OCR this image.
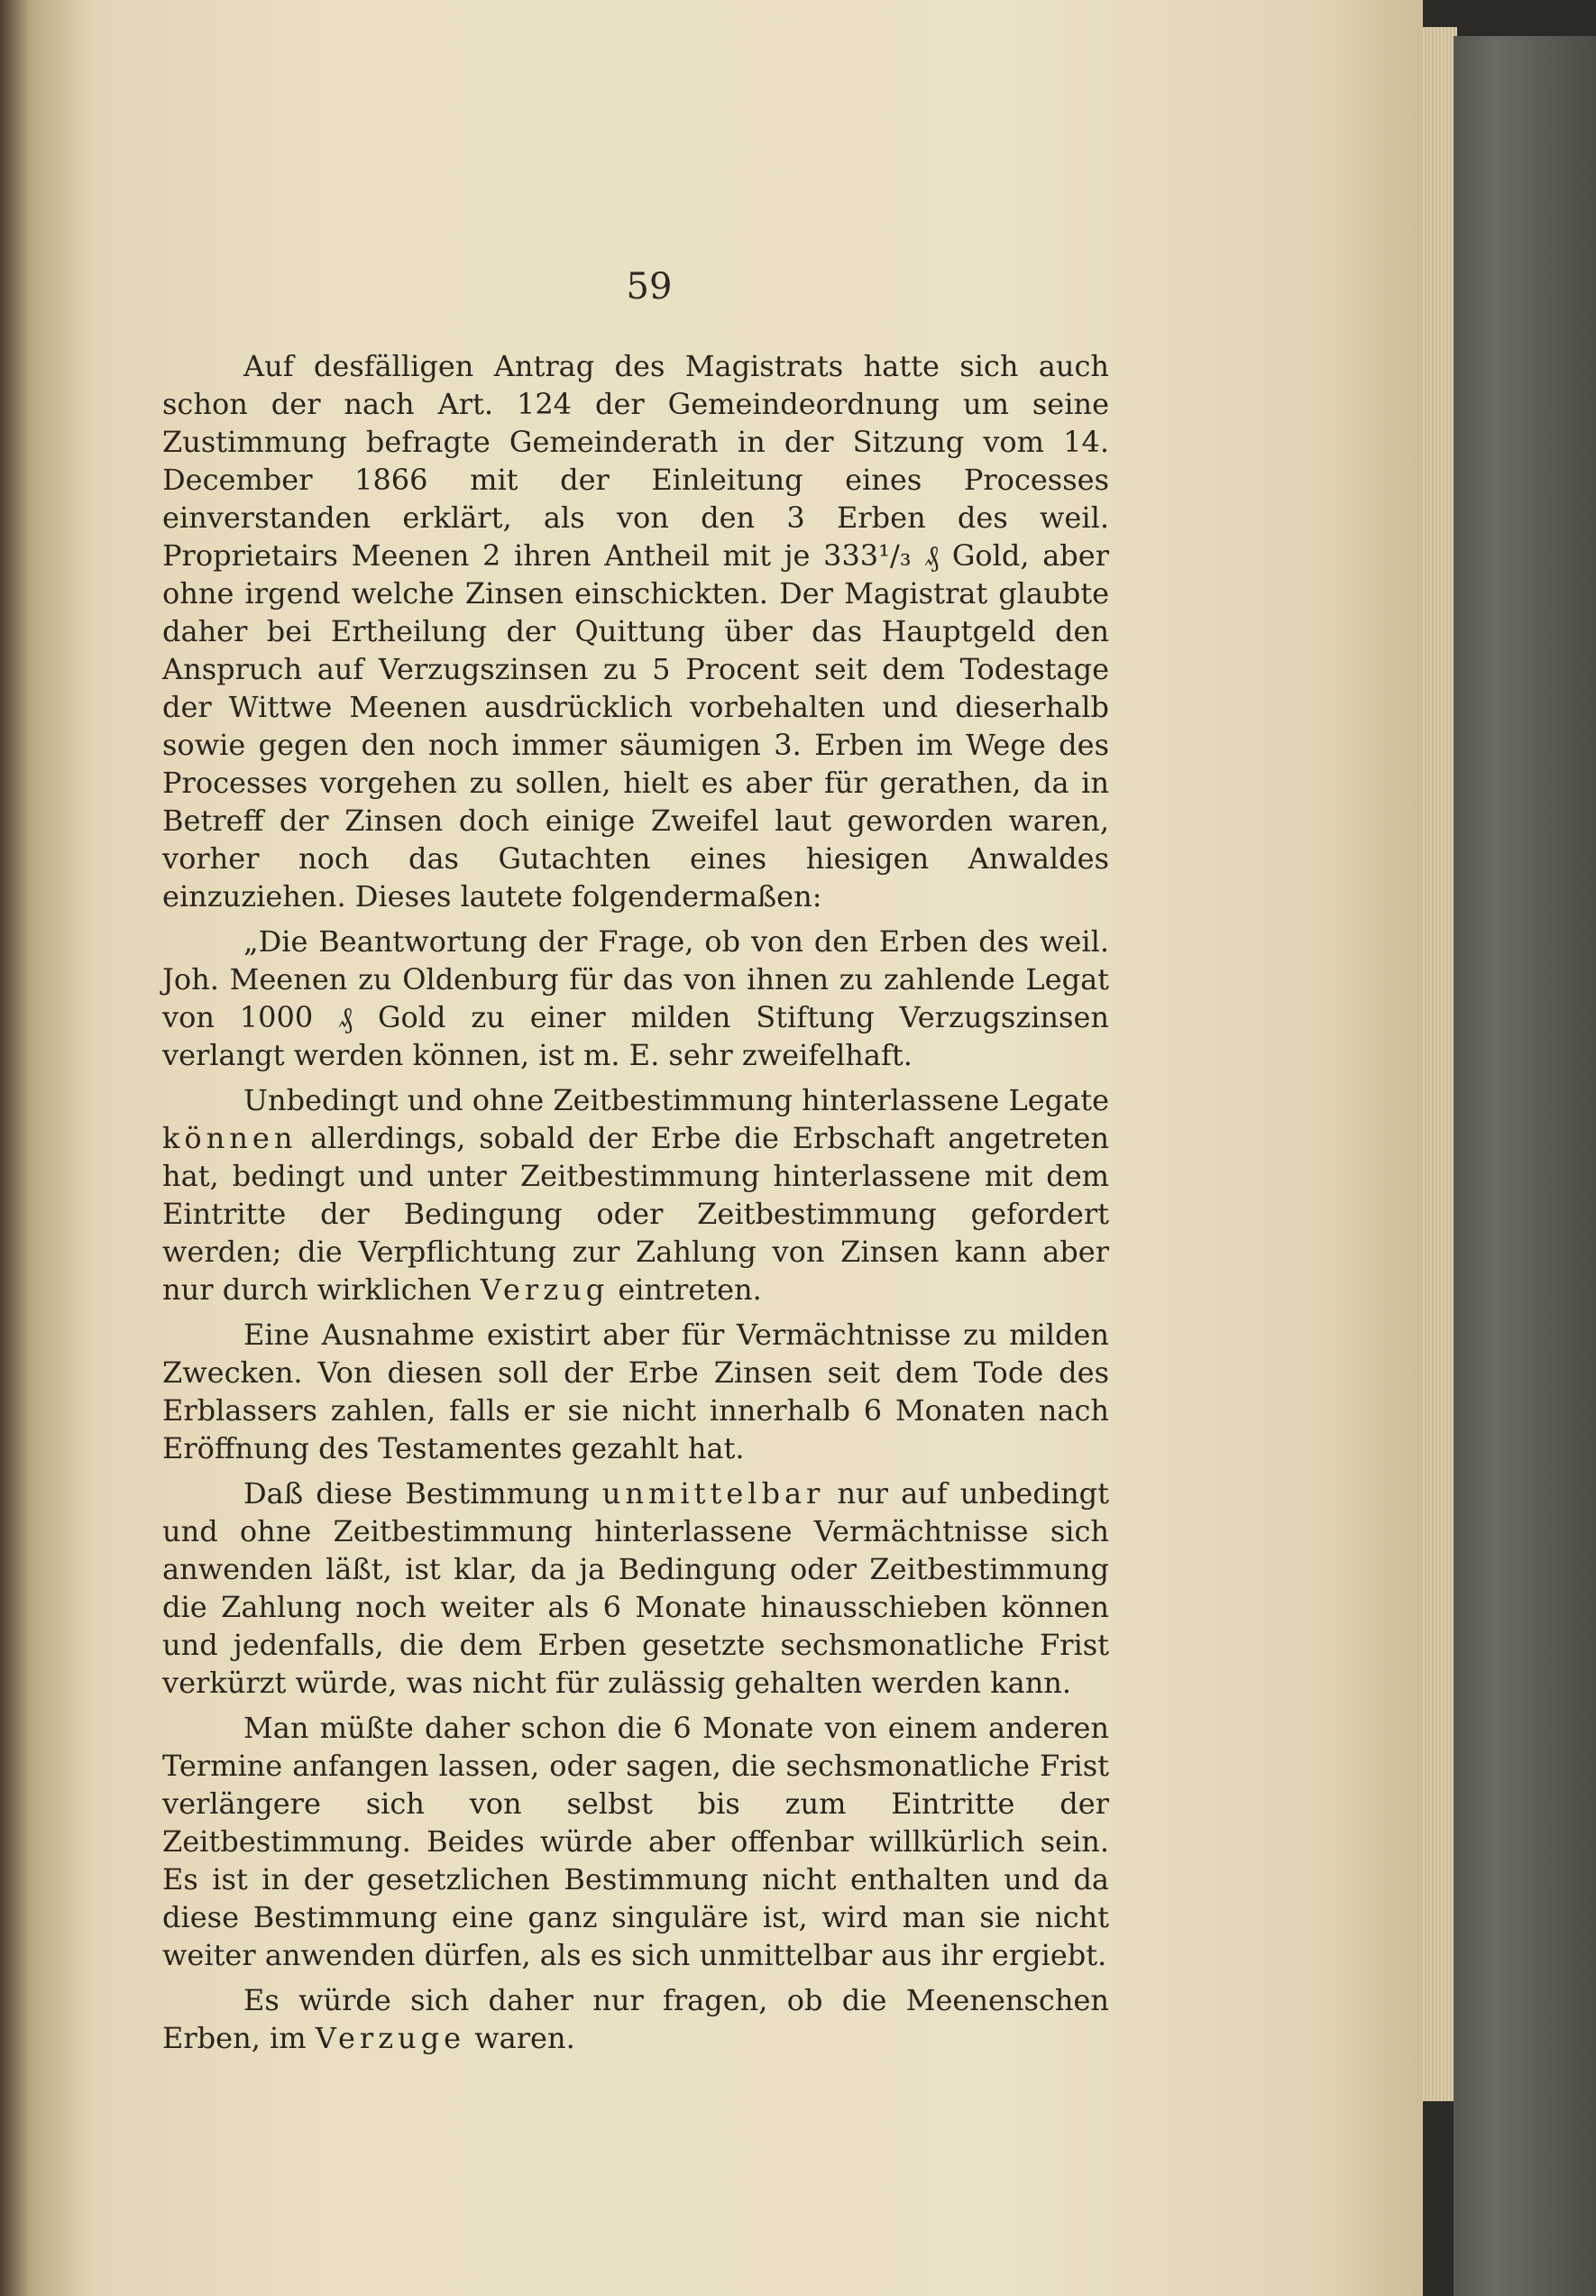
59

Auf desfälligen Antrag des Magistrats hatte sich auch schon der nach Art. 124 der Gemeindeordnung um seine Zustimmung befragte Gemeinderath in der Sitzung vom 14. December 1866 mit der Einleitung eines Processes einverstanden erklärt, als von den 3 Erben des weil. Proprietairs Meenen 2 ihren Antheil mit je 333¹/₃ ₰ Gold, aber ohne irgend welche Zinsen einschickten. Der Magistrat glaubte daher bei Ertheilung der Quittung über das Hauptgeld den Anspruch auf Verzugszinsen zu 5 Procent seit dem Todestage der Wittwe Meenen ausdrücklich vorbehalten und dieserhalb sowie gegen den noch immer säumigen 3. Erben im Wege des Processes vorgehen zu sollen, hielt es aber für gerathen, da in Betreff der Zinsen doch einige Zweifel laut geworden waren, vorher noch das Gutachten eines hiesigen Anwaldes einzuziehen. Dieses lautete folgendermaßen:

„Die Beantwortung der Frage, ob von den Erben des weil. Joh. Meenen zu Oldenburg für das von ihnen zu zahlende Legat von 1000 ₰ Gold zu einer milden Stiftung Verzugszinsen verlangt werden können, ist m. E. sehr zweifelhaft.

Unbedingt und ohne Zeitbestimmung hinterlassene Legate können allerdings, sobald der Erbe die Erbschaft angetreten hat, bedingt und unter Zeitbestimmung hinterlassene mit dem Eintritte der Bedingung oder Zeitbestimmung gefordert werden; die Verpflichtung zur Zahlung von Zinsen kann aber nur durch wirklichen Verzug eintreten.

Eine Ausnahme existirt aber für Vermächtnisse zu milden Zwecken. Von diesen soll der Erbe Zinsen seit dem Tode des Erblassers zahlen, falls er sie nicht innerhalb 6 Monaten nach Eröffnung des Testamentes gezahlt hat.

Daß diese Bestimmung unmittelbar nur auf unbedingt und ohne Zeitbestimmung hinterlassene Vermächtnisse sich anwenden läßt, ist klar, da ja Bedingung oder Zeitbestimmung die Zahlung noch weiter als 6 Monate hinausschieben können und jedenfalls, die dem Erben gesetzte sechsmonatliche Frist verkürzt würde, was nicht für zulässig gehalten werden kann.

Man müßte daher schon die 6 Monate von einem anderen Termine anfangen lassen, oder sagen, die sechsmonatliche Frist verlängere sich von selbst bis zum Eintritte der Zeitbestimmung. Beides würde aber offenbar willkürlich sein. Es ist in der gesetzlichen Bestimmung nicht enthalten und da diese Bestimmung eine ganz singuläre ist, wird man sie nicht weiter anwenden dürfen, als es sich unmittelbar aus ihr ergiebt.

Es würde sich daher nur fragen, ob die Meenenschen Erben, im Verzuge waren.
